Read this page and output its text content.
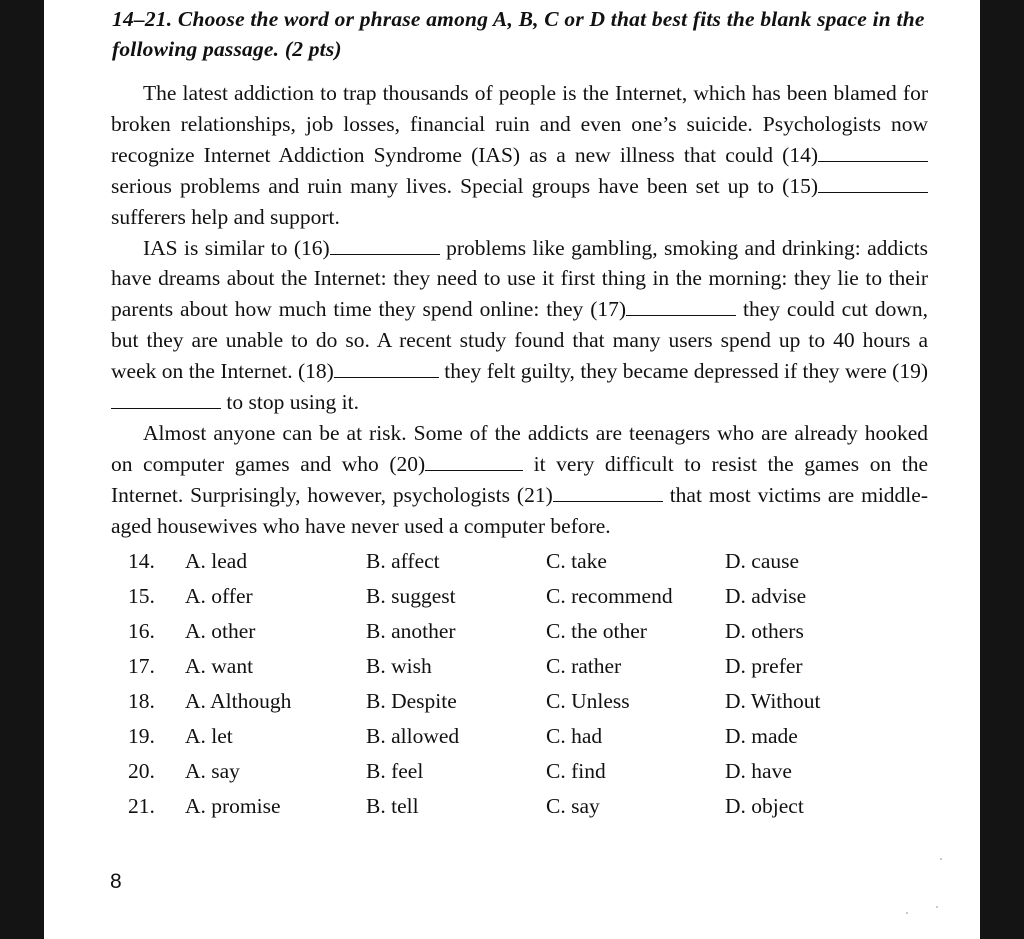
14–21. Choose the word or phrase among A, B, C or D that best fits the blank space in the following passage. (2 pts)

The latest addiction to trap thousands of people is the Internet, which has been blamed for broken relationships, job losses, financial ruin and even one’s suicide. Psychologists now recognize Internet Addiction Syndrome (IAS) as a new illness that could (14) serious problems and ruin many lives. Special groups have been set up to (15) sufferers help and support.

IAS is similar to (16)	problems like gambling, smoking and drinking: addicts have dreams about the Internet: they need to use it first thing in the morning: they lie to their parents about how much time they spend online: they (17)	they could cut down, but they are unable to do so. A recent study found that many users spend up to 40 hours a week on the Internet. (18)	they felt guilty, they became depressed if they were (19) to stop using it.

Almost anyone can be at risk. Some of the addicts are teenagers who are already hooked on computer games and who (20)	it very difficult to resist the games on the Internet. Surprisingly, however, psychologists (21)	that most victims are middle-aged housewives who have never used a computer before.

14. A. lead	B. affect	C. take	D. cause
15. A. offer	B. suggest	C. recommend D. advise
16. A. other	B. another	C. the other	D. others
17. A. want	B. wish	C. rather	D. prefer
18. A. Although	B. Despite	C. Unless	D. Without
19. A. let	B. allowed	C. had	D. made
20. A. say	B. feel	C. find	D. have
21. A. promise	B. tell	C. say	D. object
8
